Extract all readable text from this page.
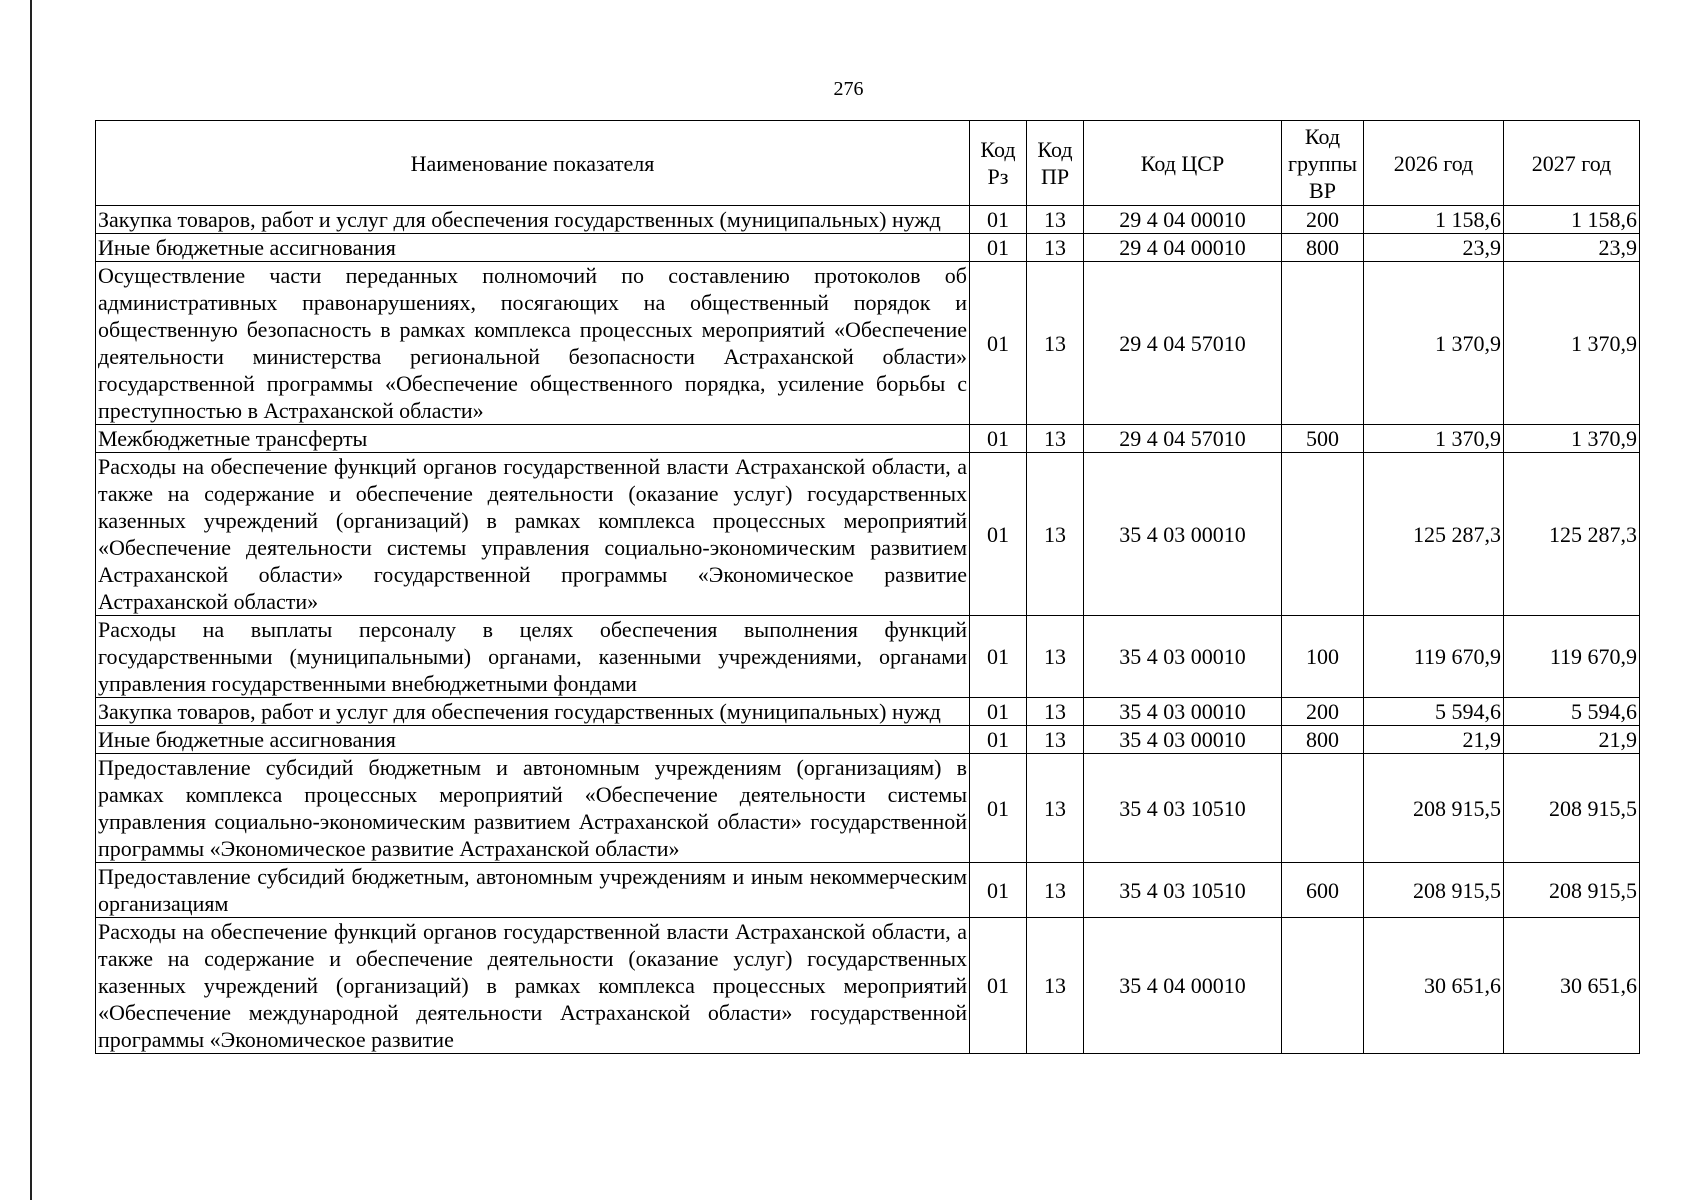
276
Наименование показателя	Код Рз	Код ПР	Код ЦСР	Код группы ВР	2026 год	2027 год
Закупка товаров, работ и услуг для обеспечения государственных (муниципальных) нужд	01	13	29 4 04 00010	200	1 158,6	1 158,6
Иные бюджетные ассигнования	01	13	29 4 04 00010	800	23,9	23,9
Осуществление части переданных полномочий по составлению протоколов об административных правонарушениях, посягающих на общественный порядок и общественную безопасность в рамках комплекса процессных мероприятий «Обеспечение деятельности министерства региональной безопасности Астраханской области» государственной программы «Обеспечение общественного порядка, усиление борьбы с преступностью в Астраханской области»	01	13	29 4 04 57010		1 370,9	1 370,9
Межбюджетные трансферты	01	13	29 4 04 57010	500	1 370,9	1 370,9
Расходы на обеспечение функций органов государственной власти Астраханской области, а также на содержание и обеспечение деятельности (оказание услуг) государственных казенных учреждений (организаций) в рамках комплекса процессных мероприятий «Обеспечение деятельности системы управления социально-экономическим развитием Астраханской области» государственной программы «Экономическое развитие Астраханской области»	01	13	35 4 03 00010		125 287,3	125 287,3
Расходы на выплаты персоналу в целях обеспечения выполнения функций государственными (муниципальными) органами, казенными учреждениями, органами управления государственными внебюджетными фондами	01	13	35 4 03 00010	100	119 670,9	119 670,9
Закупка товаров, работ и услуг для обеспечения государственных (муниципальных) нужд	01	13	35 4 03 00010	200	5 594,6	5 594,6
Иные бюджетные ассигнования	01	13	35 4 03 00010	800	21,9	21,9
Предоставление субсидий бюджетным и автономным учреждениям (организациям) в рамках комплекса процессных мероприятий «Обеспечение деятельности системы управления социально-экономическим развитием Астраханской области» государственной программы «Экономическое развитие Астраханской области»	01	13	35 4 03 10510		208 915,5	208 915,5
Предоставление субсидий бюджетным, автономным учреждениям и иным некоммерческим организациям	01	13	35 4 03 10510	600	208 915,5	208 915,5
Расходы на обеспечение функций органов государственной власти Астраханской области, а также на содержание и обеспечение деятельности (оказание услуг) государственных казенных учреждений (организаций) в рамках комплекса процессных мероприятий «Обеспечение международной деятельности Астраханской области» государственной программы «Экономическое развитие	01	13	35 4 04 00010		30 651,6	30 651,6
